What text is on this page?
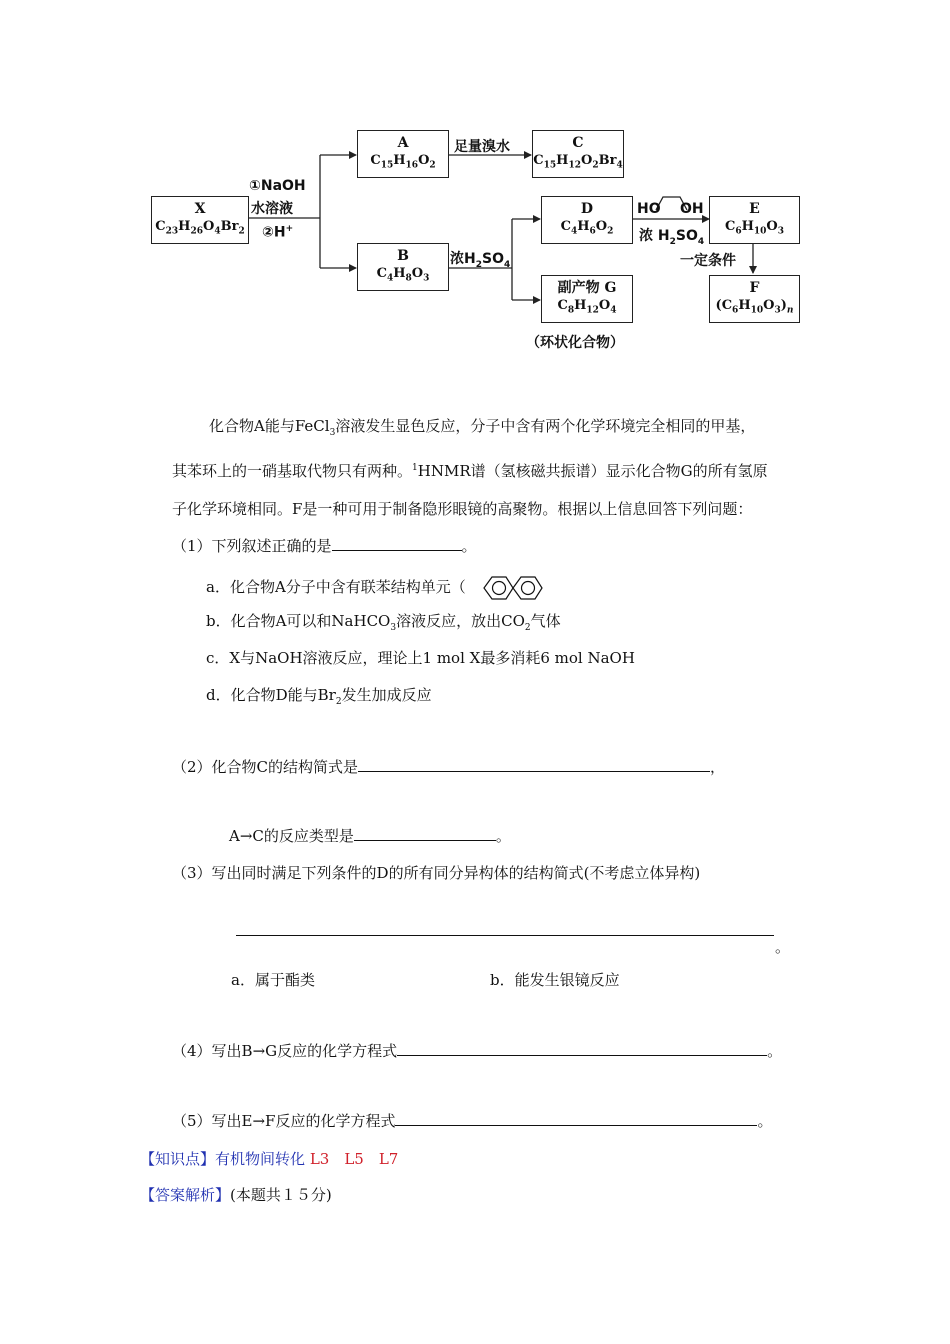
X
$C_{23}H_{26}O_4Br_2$
A
$C_{15}H_{16}O_2$
B
$C_4H_8O_3$
C
$C_{15}H_{12}O_2Br_4$
D
$C_4H_6O_2$
副产物 G
$C_8H_{12}O_4$
E
$C_6H_{10}O_3$
F
$(C_6H_{10}O_3)_n$
①NaOH
水溶液
②H+
足量溴水
浓$H_2SO_4$
HO OH
浓 $H_2SO_4$
一定条件
（环状化合物）
化合物A能与FeCl$_3$溶液发生显色反应，分子中含有两个化学环境完全相同的甲基，
其苯环上的一硝基取代物只有两种。$^1$HNMR谱（氢核磁共振谱）显示化合物G的所有氢原
子化学环境相同。F是一种可用于制备隐形眼镜的高聚物。根据以上信息回答下列问题：
（1）下列叙述正确的是	。
a．化合物A分子中含有联苯结构单元（
b．化合物A可以和NaHCO$_3$溶液反应，放出$CO_2$气体
c．X与NaOH溶液反应，理论上1 mol X最多消耗6 mol NaOH
d．化合物D能与$Br_2$发生加成反应
（2）化合物C的结构简式是	，
A→C的反应类型是	。
（3）写出同时满足下列条件的D的所有同分异构体的结构简式(不考虑立体异构)
。
a．属于酯类	b．能发生银镜反应
（4）写出B→G反应的化学方程式	。
（5）写出E→F反应的化学方程式	。
【知识点】有机物间转化 L3　L5　L7
【答案解析】(本题共１５分)
